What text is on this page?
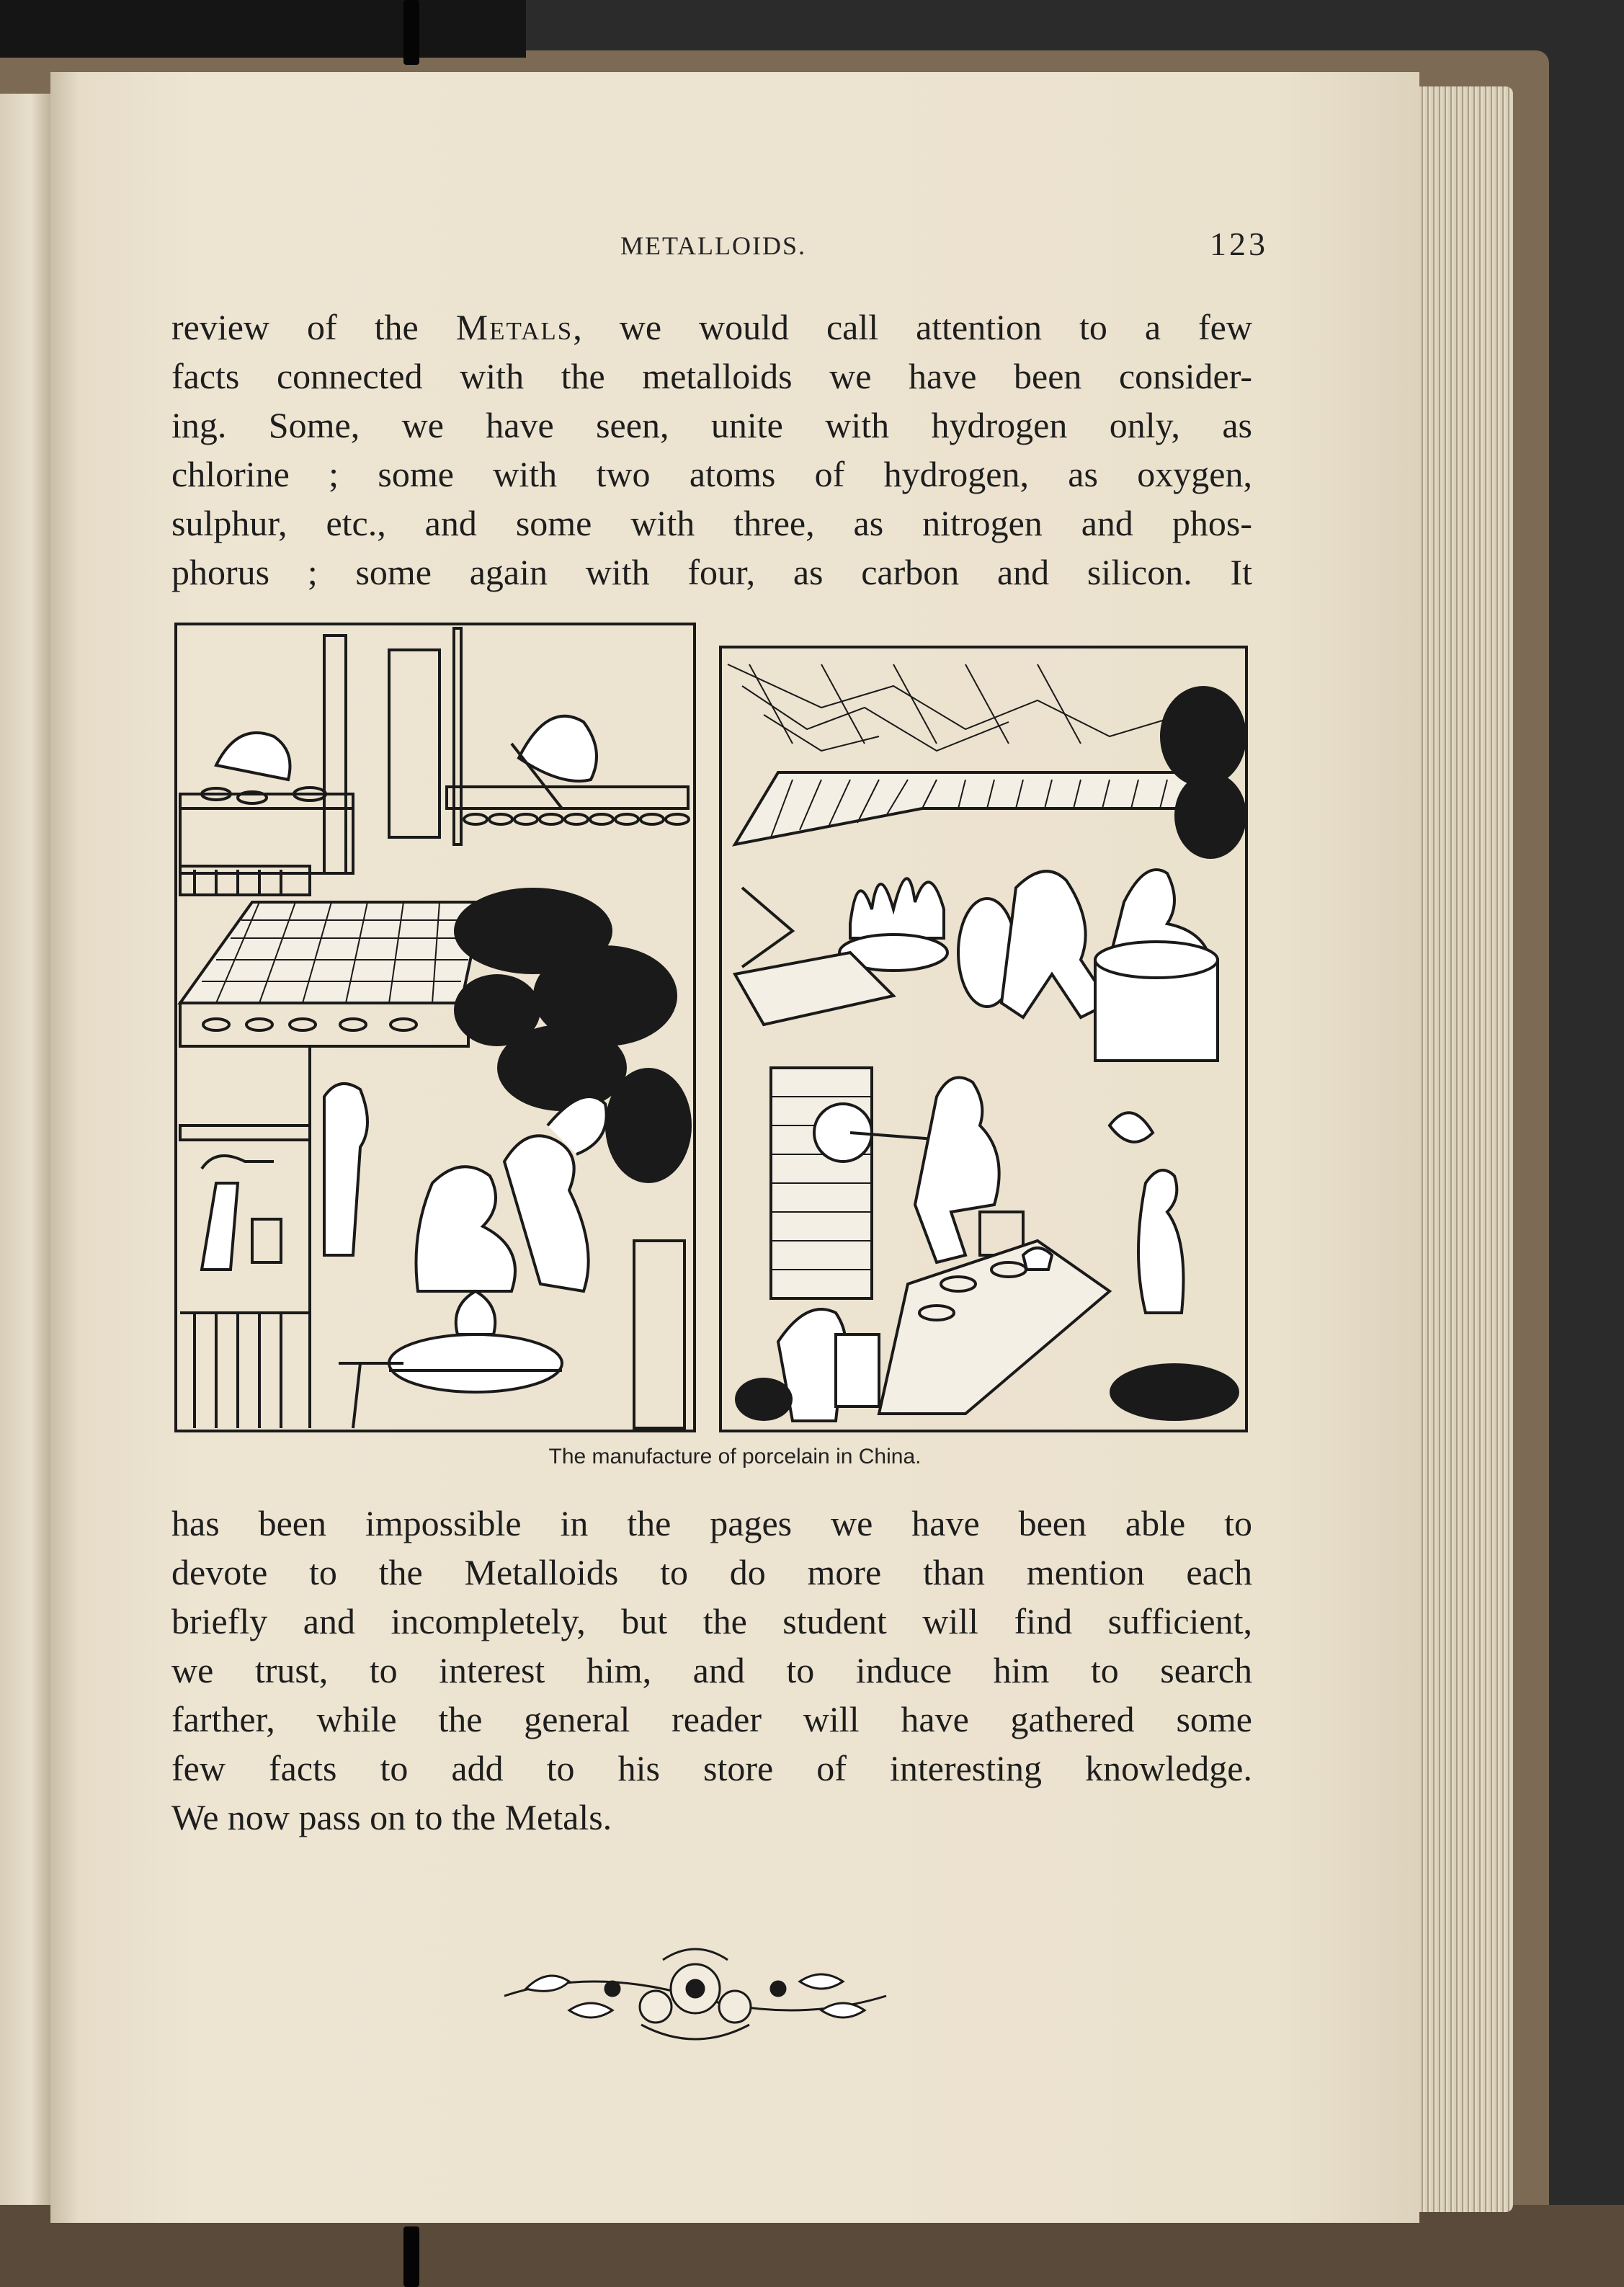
METALLOIDS.	123
review of the Metals, we would call attention to a few
facts connected with the metalloids we have been consider-
ing. Some, we have seen, unite with hydrogen only, as
chlorine ; some with two atoms of hydrogen, as oxygen,
sulphur, etc., and some with three, as nitrogen and phos-
phorus ; some again with four, as carbon and silicon. It
The manufacture of porcelain in China.
has been impossible in the pages we have been able to
devote to the Metalloids to do more than mention each
briefly and incompletely, but the student will find sufficient,
we trust, to interest him, and to induce him to search
farther, while the general reader will have gathered some
few facts to add to his store of interesting knowledge.
We now pass on to the Metals.
